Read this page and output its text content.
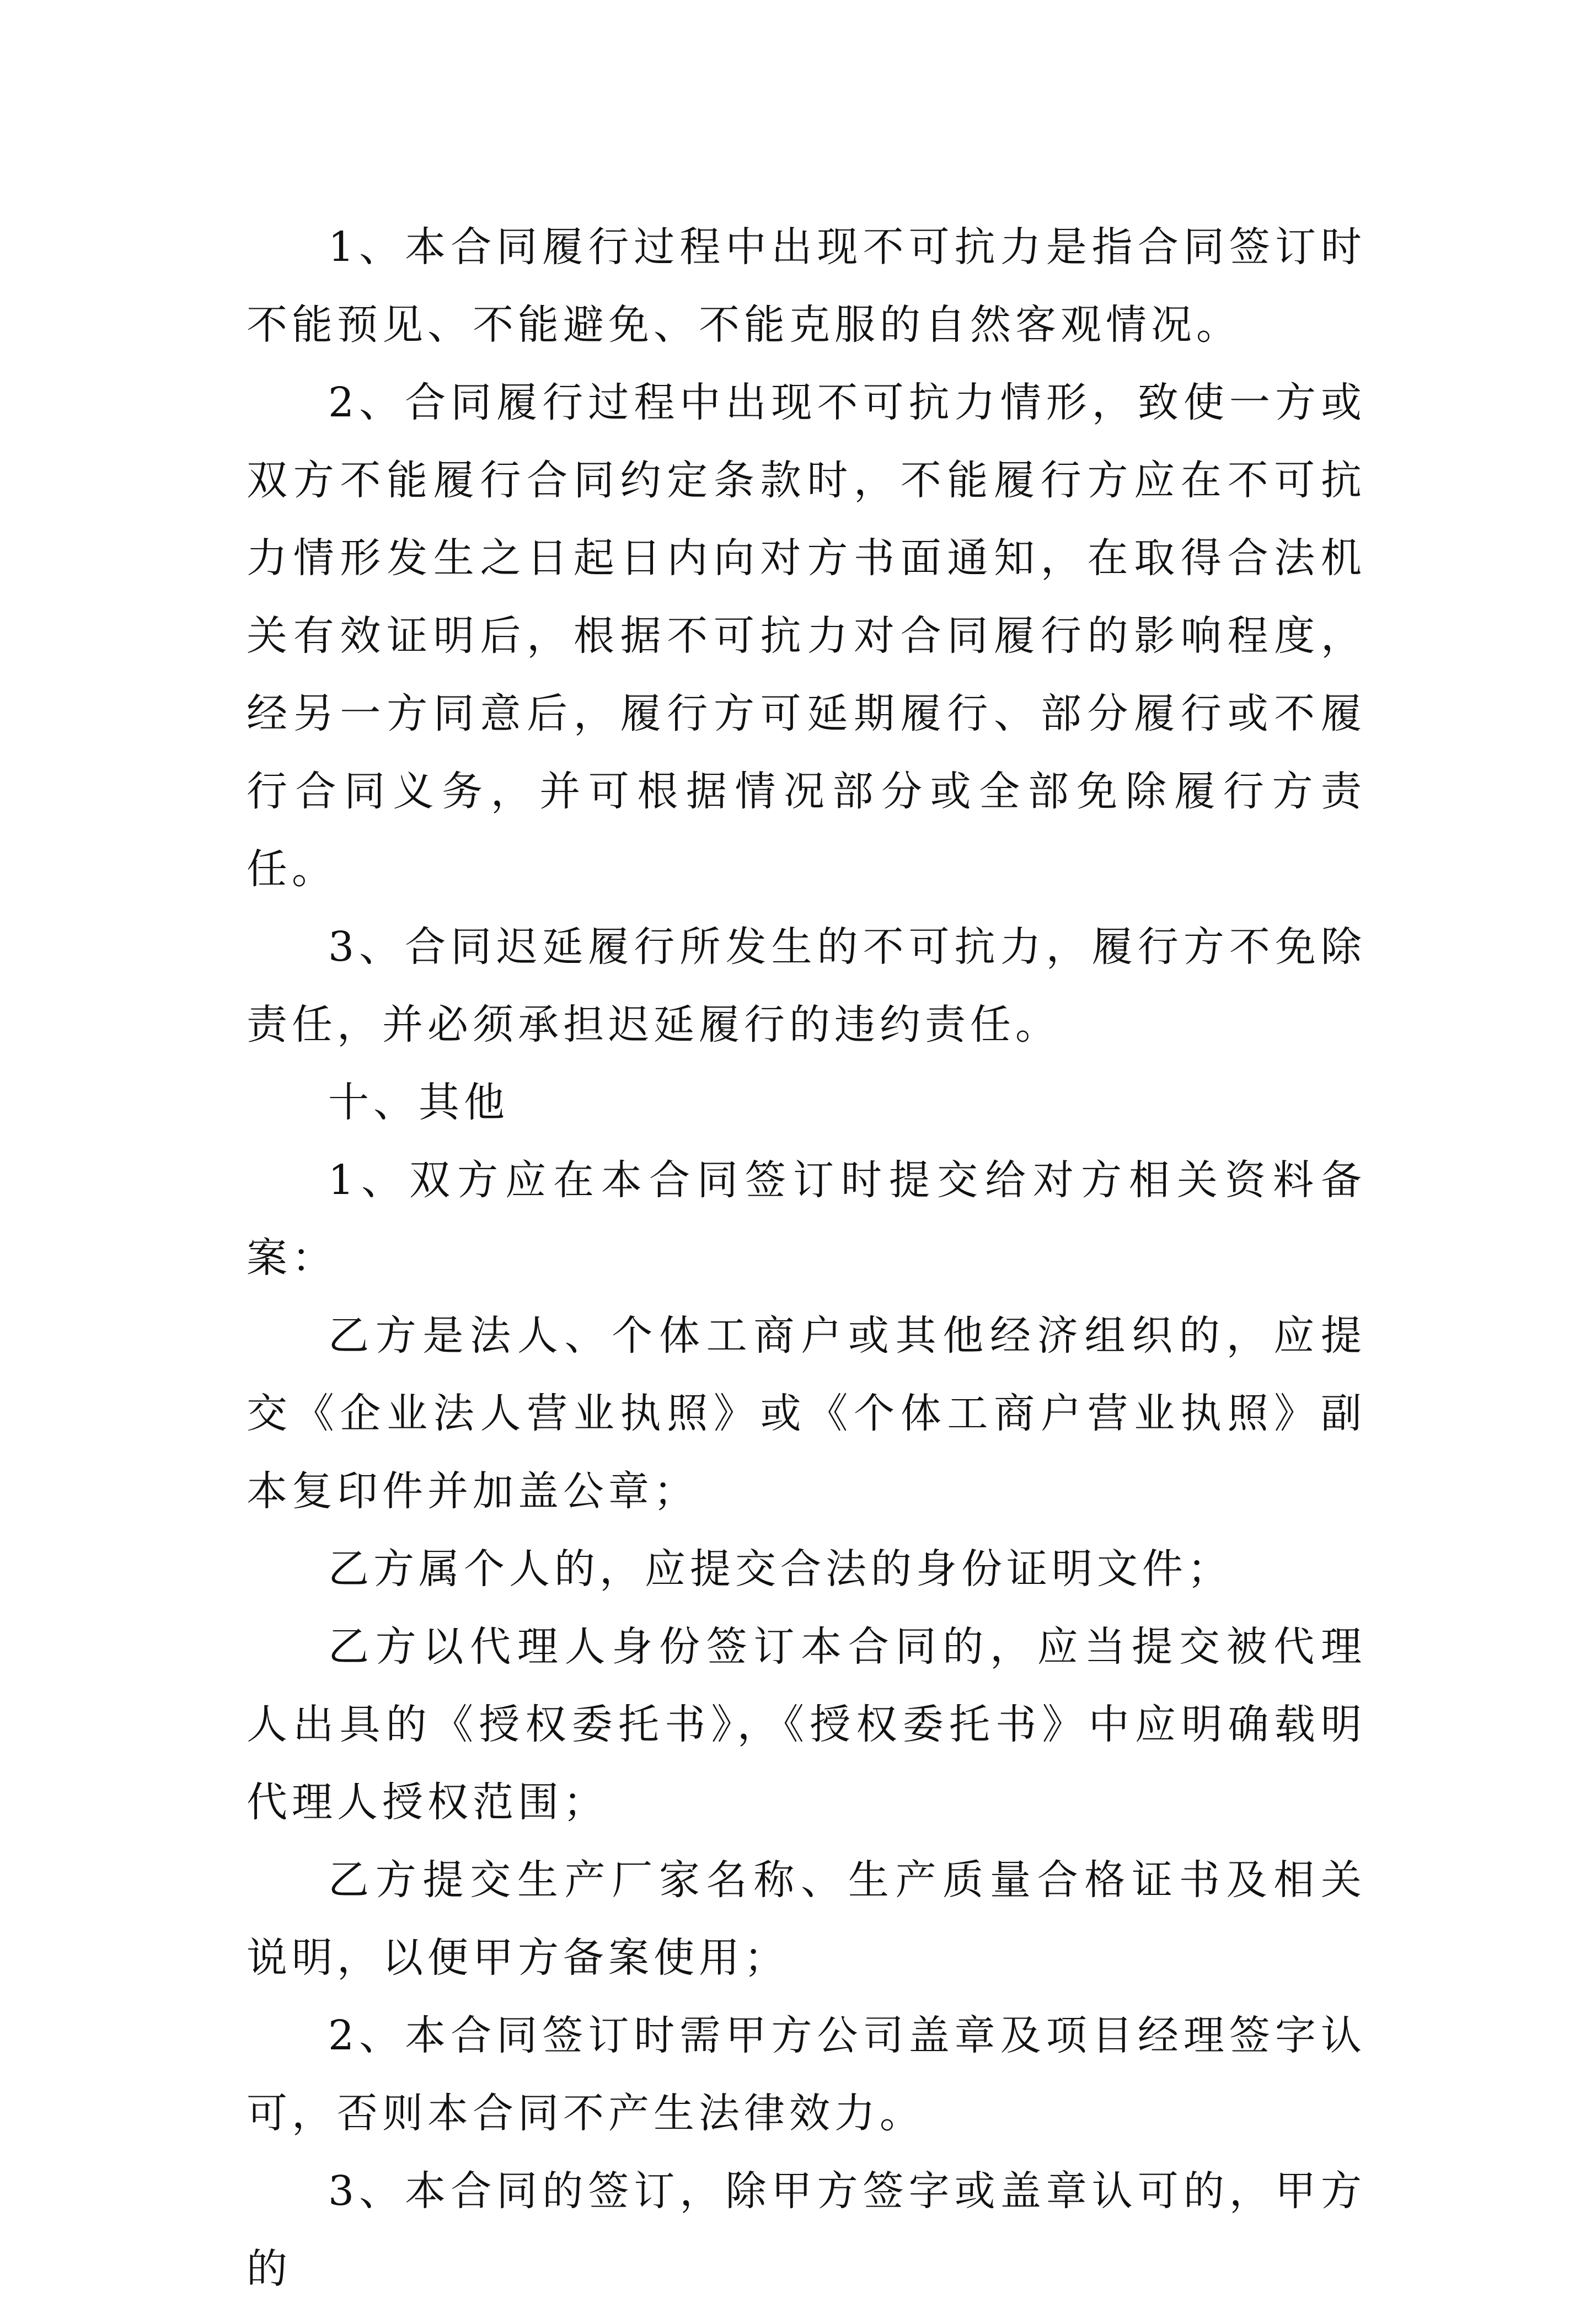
1、本合同履行过程中出现不可抗力是指合同签订时不能预见、不能避免、不能克服的自然客观情况。

2、合同履行过程中出现不可抗力情形，致使一方或双方不能履行合同约定条款时，不能履行方应在不可抗力情形发生之日起日内向对方书面通知，在取得合法机关有效证明后，根据不可抗力对合同履行的影响程度，经另一方同意后，履行方可延期履行、部分履行或不履行合同义务，并可根据情况部分或全部免除履行方责任。

3、合同迟延履行所发生的不可抗力，履行方不免除责任，并必须承担迟延履行的违约责任。

十、其他

1、双方应在本合同签订时提交给对方相关资料备案：

乙方是法人、个体工商户或其他经济组织的，应提交《企业法人营业执照》或《个体工商户营业执照》副本复印件并加盖公章；

乙方属个人的，应提交合法的身份证明文件；

乙方以代理人身份签订本合同的，应当提交被代理人出具的《授权委托书》，《授权委托书》中应明确载明代理人授权范围；

乙方提交生产厂家名称、生产质量合格证书及相关说明，以便甲方备案使用；

2、本合同签订时需甲方公司盖章及项目经理签字认可，否则本合同不产生法律效力。

3、本合同的签订，除甲方签字或盖章认可的，甲方的
